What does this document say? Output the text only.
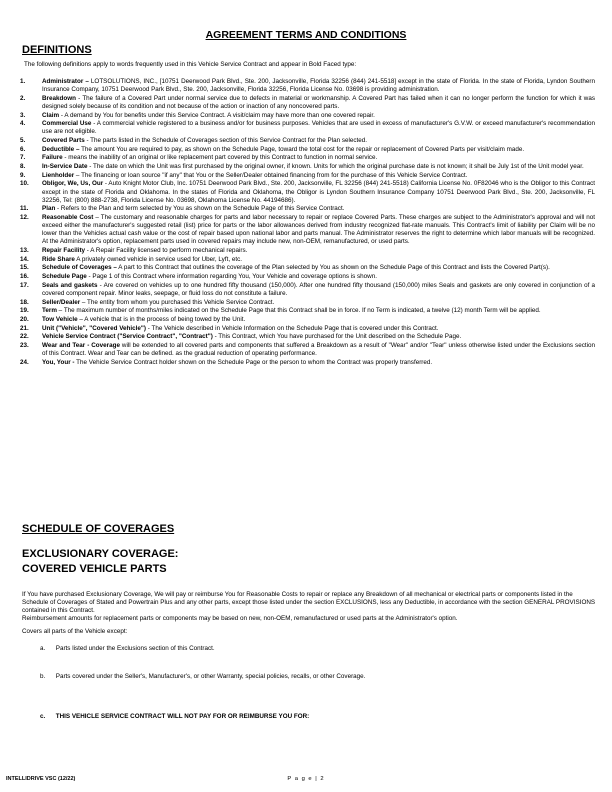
AGREEMENT TERMS AND CONDITIONS
DEFINITIONS
The following definitions apply to words frequently used in this Vehicle Service Contract and appear in Bold Faced type:
1.	Administrator – LOTSOLUTIONS, INC., [10751 Deerwood Park Blvd., Ste. 200, Jacksonville, Florida 32256 (844) 241-5518] except in the state of Florida. In the state of Florida, Lyndon Southern Insurance Company, 10751 Deerwood Park Blvd., Ste. 200, Jacksonville, Florida 32256, Florida License No. 03698 is providing administration.
2.	Breakdown - The failure of a Covered Part under normal service due to defects in material or workmanship. A Covered Part has failed when it can no longer perform the function for which it was designed solely because of its condition and not because of the action or inaction of any noncovered parts.
3.	Claim - A demand by You for benefits under this Service Contract. A visit/claim may have more than one covered repair.
4.	Commercial Use - A commercial vehicle registered to a business and/or for business purposes. Vehicles that are used in excess of manufacturer's G.V.W. or exceed manufacturer's recommendation use are not eligible.
5.	Covered Parts - The parts listed in the Schedule of Coverages section of this Service Contract for the Plan selected.
6.	Deductible – The amount You are required to pay, as shown on the Schedule Page, toward the total cost for the repair or replacement of Covered Parts per visit/claim made.
7.	Failure - means the inability of an original or like replacement part covered by this Contract to function in normal service.
8.	In-Service Date - The date on which the Unit was first purchased by the original owner, if known. Units for which the original purchase date is not known; it shall be July 1st of the Unit model year.
9.	Lienholder – The financing or loan source "if any" that You or the Seller/Dealer obtained financing from for the purchase of this Vehicle Service Contract.
10. Obligor, We, Us, Our - Auto Knight Motor Club, Inc. 10751 Deerwood Park Blvd., Ste. 200, Jacksonville, FL 32256 (844) 241-5518) California License No. 0F82046 who is the Obligor to this Contract except in the state of Florida and Oklahoma. In the states of Florida and Oklahoma, the Obligor is Lyndon Southern Insurance Company 10751 Deerwood Park Blvd., Ste. 200, Jacksonville, FL 32256, Tel: (800) 888-2738, Florida License No. 03698, Oklahoma License No. 44194686).
11. Plan - Refers to the Plan and term selected by You as shown on the Schedule Page of this Service Contract.
12. Reasonable Cost – The customary and reasonable charges for parts and labor necessary to repair or replace Covered Parts. These charges are subject to the Administrator's approval and will not exceed either the manufacturer's suggested retail (list) price for parts or the labor allowances derived from industry recognized flat-rate manuals. This Contract's limit of liability per Claim will be no lower than the Vehicles actual cash value or the cost of repair based upon national labor and parts manual. The Administrator reserves the right to determine which labor manuals will be recognized. At the Administrator's option, replacement parts used in covered repairs may include new, non-OEM, remanufactured, or used parts.
13. Repair Facility - A Repair Facility licensed to perform mechanical repairs.
14. Ride Share A privately owned vehicle in service used for Uber, Lyft, etc.
15. Schedule of Coverages – A part to this Contract that outlines the coverage of the Plan selected by You as shown on the Schedule Page of this Contract and lists the Covered Part(s).
16. Schedule Page - Page 1 of this Contract where information regarding You, Your Vehicle and coverage options is shown.
17. Seals and gaskets - Are covered on vehicles up to one hundred fifty thousand (150,000). After one hundred fifty thousand (150,000) miles Seals and gaskets are only covered in conjunction of a covered component repair. Minor leaks, seepage, or fluid loss do not constitute a failure.
18. Seller/Dealer – The entity from whom you purchased this Vehicle Service Contract.
19. Term – The maximum number of months/miles indicated on the Schedule Page that this Contract shall be in force. If no Term is indicated, a twelve (12) month Term will be applied.
20. Tow Vehicle – A vehicle that is in the process of being towed by the Unit.
21. Unit ("Vehicle", "Covered Vehicle") - The Vehicle described in Vehicle Information on the Schedule Page that is covered under this Contract.
22. Vehicle Service Contract ("Service Contract", "Contract") - This Contract, which You have purchased for the Unit described on the Schedule Page.
23. Wear and Tear - Coverage will be extended to all covered parts and components that suffered a Breakdown as a result of "Wear" and/or "Tear" unless otherwise listed under the Exclusions section of this Contract. Wear and Tear can be defined. as the gradual reduction of operating performance.
24. You, Your - The Vehicle Service Contract holder shown on the Schedule Page or the person to whom the Contract was properly transferred.
SCHEDULE OF COVERAGES
EXCLUSIONARY COVERAGE:
COVERED VEHICLE PARTS
If You have purchased Exclusionary Coverage, We will pay or reimburse You for Reasonable Costs to repair or replace any Breakdown of all mechanical or electrical parts or components listed in the Schedule of Coverages of Stated and Powertrain Plus and any other parts, except those listed under the section EXCLUSIONS, less any Deductible, in accordance with the section GENERAL PROVISIONS contained in this Contract.
Reimbursement amounts for replacement parts or components may be based on new, non-OEM, remanufactured or used parts at the Administrator's option.
Covers all parts of the Vehicle except:
a. Parts listed under the Exclusions section of this Contract.
b. Parts covered under the Seller's, Manufacturer's, or other Warranty, special policies, recalls, or other Coverage.
c. THIS VEHICLE SERVICE CONTRACT WILL NOT PAY FOR OR REIMBURSE YOU FOR:
INTELLIDRIVE VSC (12/22)	P a g e | 2
